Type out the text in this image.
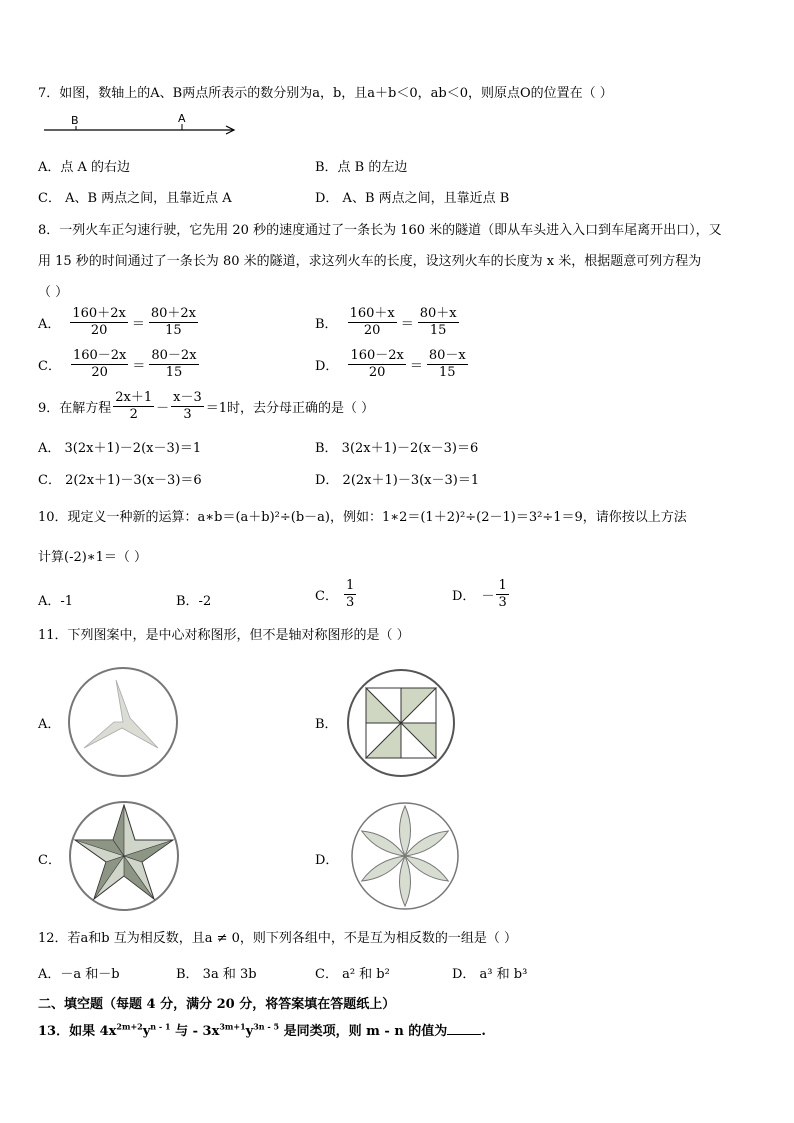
7．如图，数轴上的A、B两点所表示的数分别为a，b，且a＋b＜0，ab＜0，则原点O的位置在（ ）
B	A
A．点 A 的右边	B．点 B 的左边
C． A、B 两点之间，且靠近点 A	D． A、B 两点之间，且靠近点 B
8．一列火车正匀速行驶，它先用 20 秒的速度通过了一条长为 160 米的隧道（即从车头进入入口到车尾离开出口），又
用 15 秒的时间通过了一条长为 80 米的隧道，求这列火车的长度，设这列火车的长度为 x 米，根据题意可列方程为
（ ）
A． $\frac{160+2x}{20} = \frac{80+2x}{15}$	B． $\frac{160+x}{20} = \frac{80+x}{15}$
C． $\frac{160-2x}{20} = \frac{80-2x}{15}$	D． $\frac{160-2x}{20} = \frac{80-x}{15}$
9．在解方程 $\frac{2x+1}{2} - \frac{x-3}{3} =1$时，去分母正确的是（ ）
A． 3(2x＋1)－2(x－3)＝1	B． 3(2x＋1)－2(x－3)＝6
C． 2(2x＋1)－3(x－3)＝6	D． 2(2x＋1)－3(x－3)＝1
10．现定义一种新的运算：a∗b＝(a＋b)²÷(b－a)，例如：1∗2＝(1＋2)²÷(2－1)＝3²÷1＝9，请你按以上方法
计算(-2)∗1＝（ ）
A．-1	B．-2	C． $\frac{1}{3}$	D． － $\frac{1}{3}$
11．下列图案中，是中心对称图形，但不是轴对称图形的是（ ）
A．	B．
C．	D．
12．若a和b 互为相反数，且a ≠ 0，则下列各组中，不是互为相反数的一组是（ ）
A．－a 和－b	B． 3a 和 3b	C． a² 和 b²	D． a³ 和 b³
二、填空题（每题 4 分，满分 20 分，将答案填在答题纸上）
13．如果 $4x^{2m+2}y^{n - 1}$ 与 - $3x^{3m+1}y^{3n - 5}$ 是同类项，则 m - n 的值为	.
